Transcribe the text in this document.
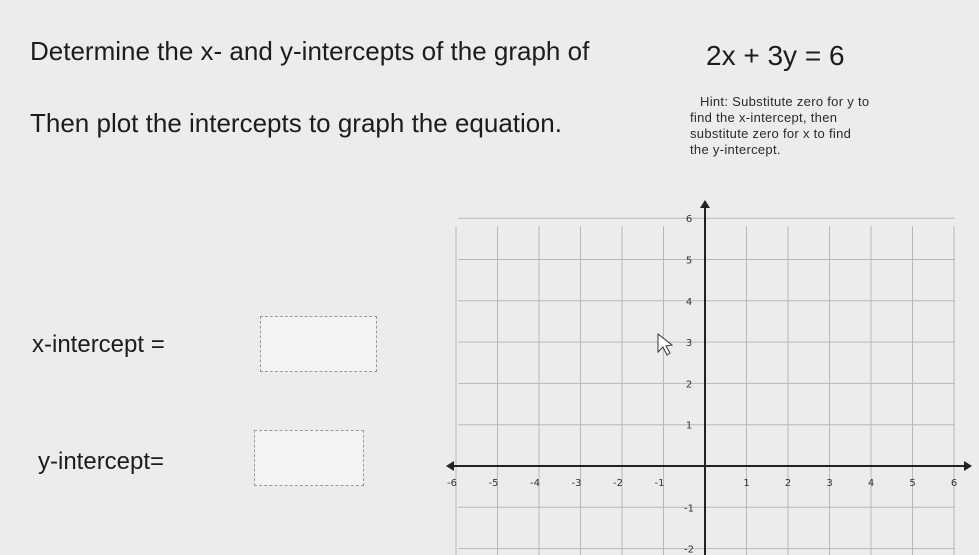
Determine the x- and y-intercepts of the graph of	2x + 3y = 6
Then plot the intercepts to graph the equation.
Hint: Substitute zero for y to
find the x-intercept, then
substitute zero for x to find
the y-intercept.
x-intercept =
y-intercept=
-6	-5	-4	-3	-2	-1	1	2	3	4	5	6
6
5
4
3
2
1
-1
-2
